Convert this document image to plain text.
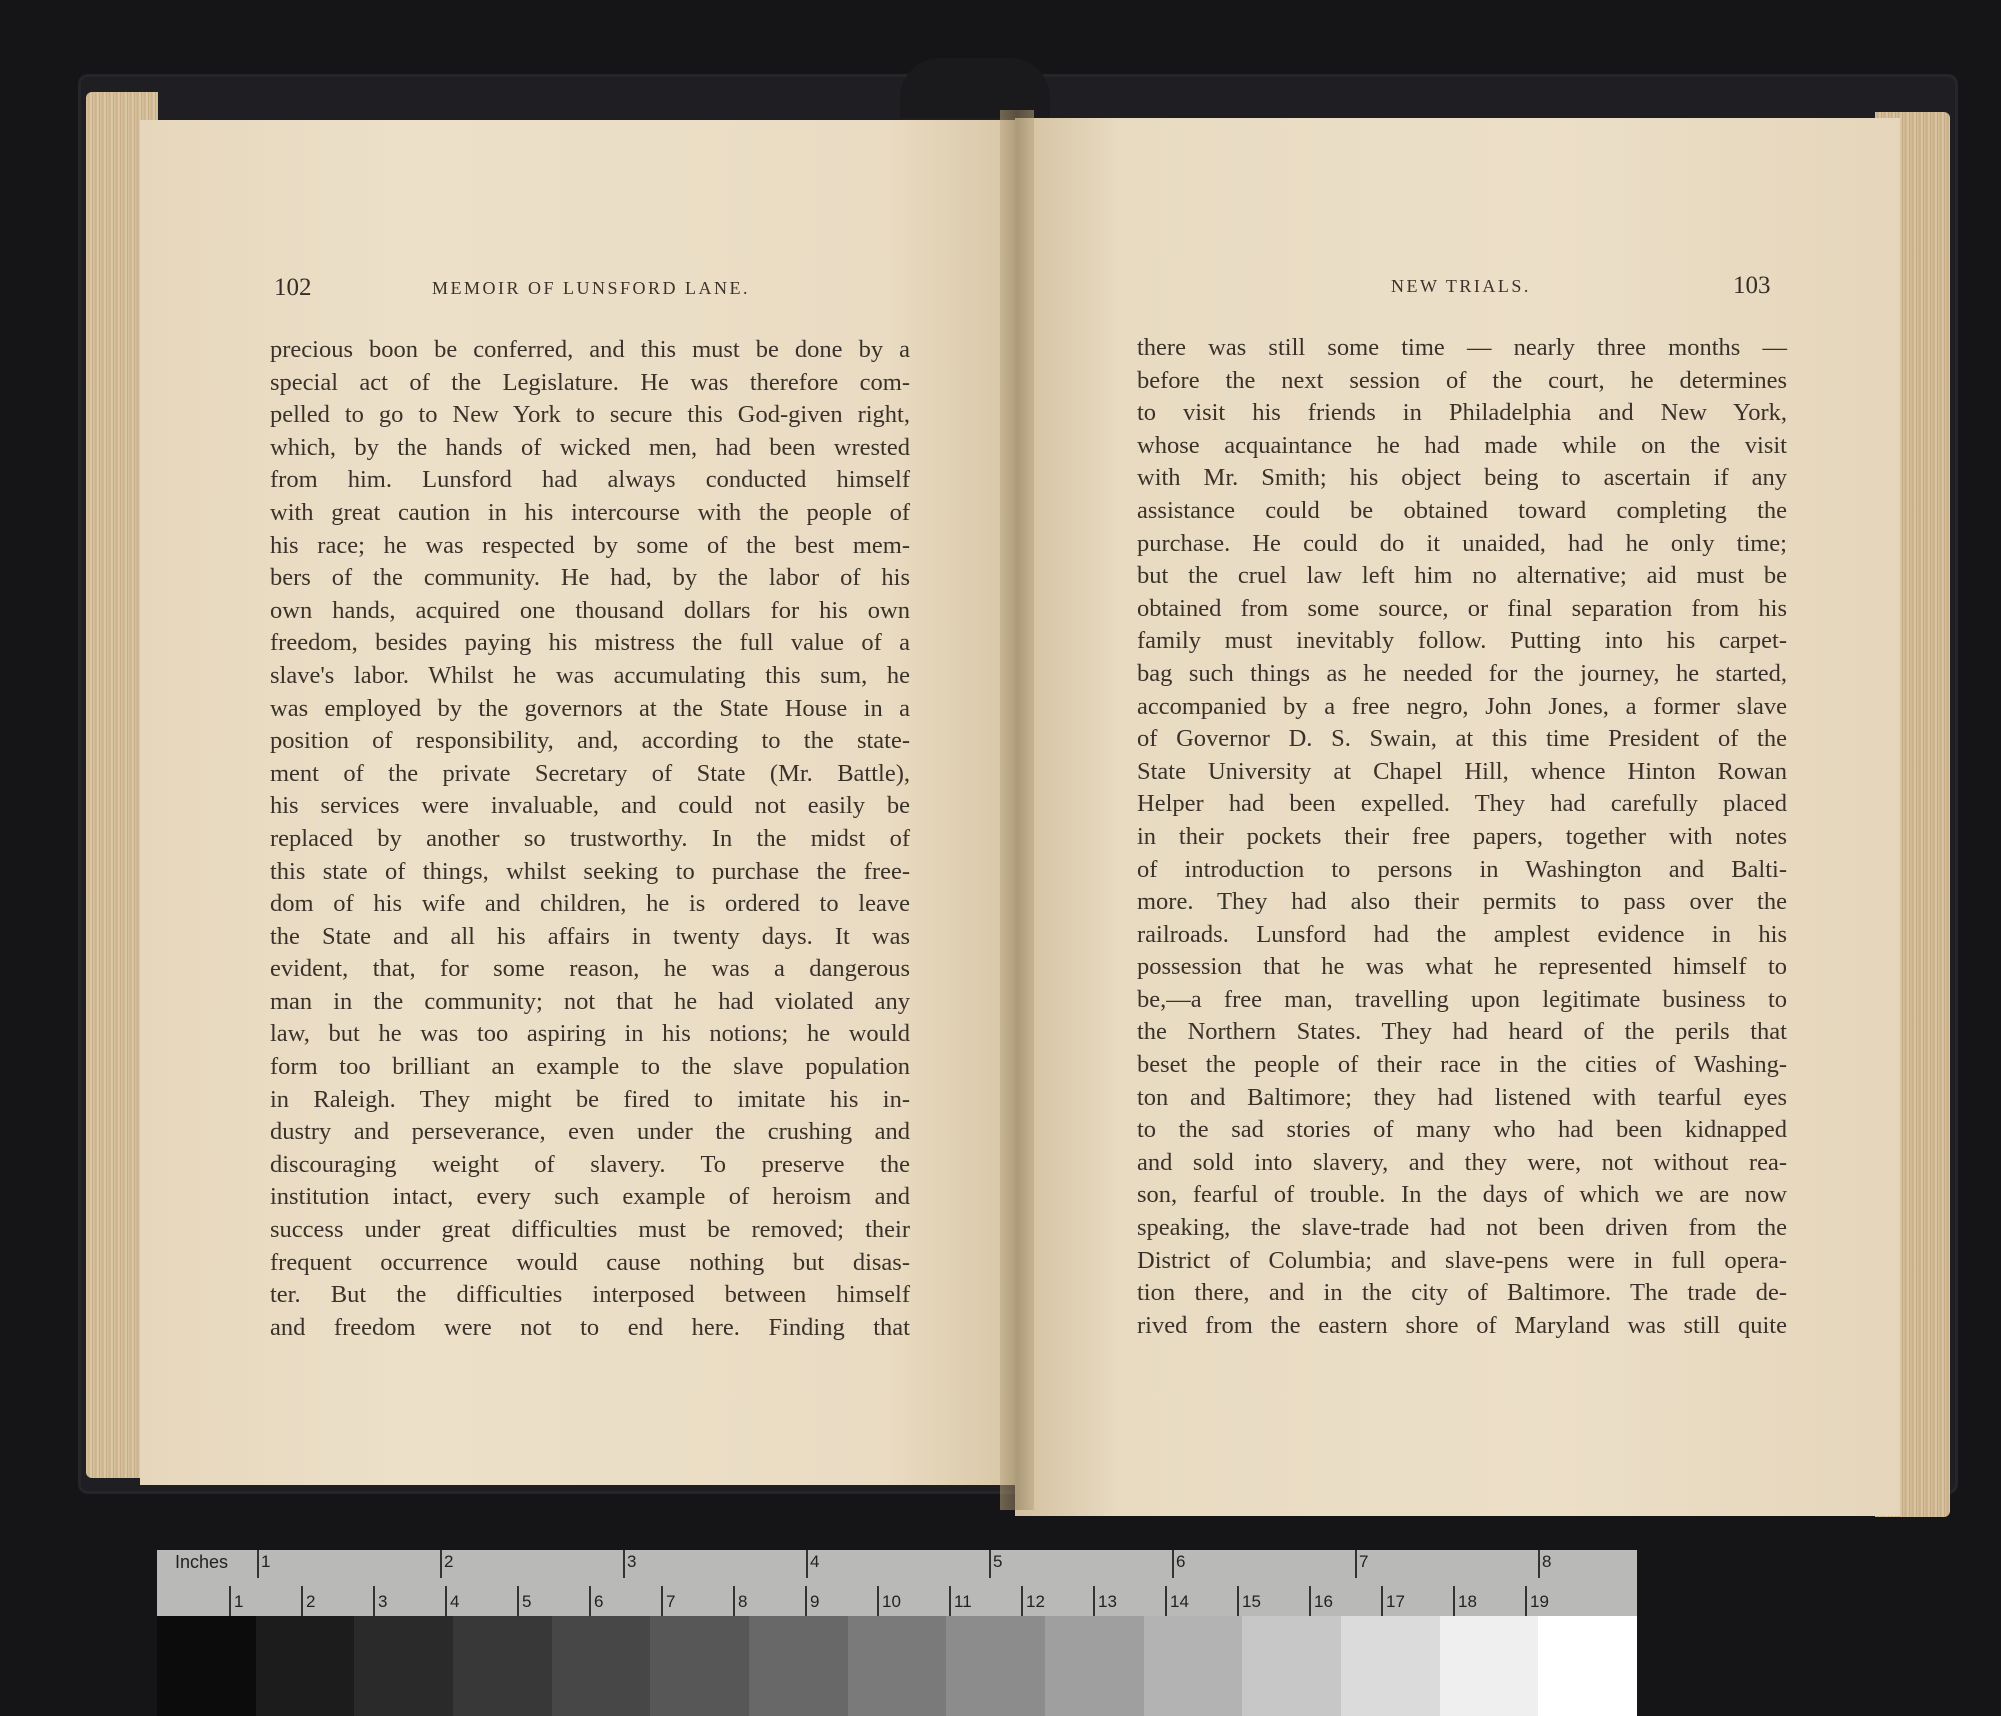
102	MEMOIR OF LUNSFORD LANE.
precious boon be conferred, and this must be done by a
special act of the Legislature. He was therefore com-
pelled to go to New York to secure this God-given right,
which, by the hands of wicked men, had been wrested
from him. Lunsford had always conducted himself
with great caution in his intercourse with the people of
his race; he was respected by some of the best mem-
bers of the community. He had, by the labor of his
own hands, acquired one thousand dollars for his own
freedom, besides paying his mistress the full value of a
slave's labor. Whilst he was accumulating this sum, he
was employed by the governors at the State House in a
position of responsibility, and, according to the state-
ment of the private Secretary of State (Mr. Battle),
his services were invaluable, and could not easily be
replaced by another so trustworthy. In the midst of
this state of things, whilst seeking to purchase the free-
dom of his wife and children, he is ordered to leave
the State and all his affairs in twenty days. It was
evident, that, for some reason, he was a dangerous
man in the community; not that he had violated any
law, but he was too aspiring in his notions; he would
form too brilliant an example to the slave population
in Raleigh. They might be fired to imitate his in-
dustry and perseverance, even under the crushing and
discouraging weight of slavery. To preserve the
institution intact, every such example of heroism and
success under great difficulties must be removed; their
frequent occurrence would cause nothing but disas-
ter. But the difficulties interposed between himself
and freedom were not to end here. Finding that
NEW TRIALS.	103
there was still some time — nearly three months —
before the next session of the court, he determines
to visit his friends in Philadelphia and New York,
whose acquaintance he had made while on the visit
with Mr. Smith; his object being to ascertain if any
assistance could be obtained toward completing the
purchase. He could do it unaided, had he only time;
but the cruel law left him no alternative; aid must be
obtained from some source, or final separation from his
family must inevitably follow. Putting into his carpet-
bag such things as he needed for the journey, he started,
accompanied by a free negro, John Jones, a former slave
of Governor D. S. Swain, at this time President of the
State University at Chapel Hill, whence Hinton Rowan
Helper had been expelled. They had carefully placed
in their pockets their free papers, together with notes
of introduction to persons in Washington and Balti-
more. They had also their permits to pass over the
railroads. Lunsford had the amplest evidence in his
possession that he was what he represented himself to
be,—a free man, travelling upon legitimate business to
the Northern States. They had heard of the perils that
beset the people of their race in the cities of Washing-
ton and Baltimore; they had listened with tearful eyes
to the sad stories of many who had been kidnapped
and sold into slavery, and they were, not without rea-
son, fearful of trouble. In the days of which we are now
speaking, the slave-trade had not been driven from the
District of Columbia; and slave-pens were in full opera-
tion there, and in the city of Baltimore. The trade de-
rived from the eastern shore of Maryland was still quite
Inches 1	2	3	4	5	6	7	8
1	2	3	4	5	6	7	8	9	10	11	12	13	14	15	16	17	18	19
